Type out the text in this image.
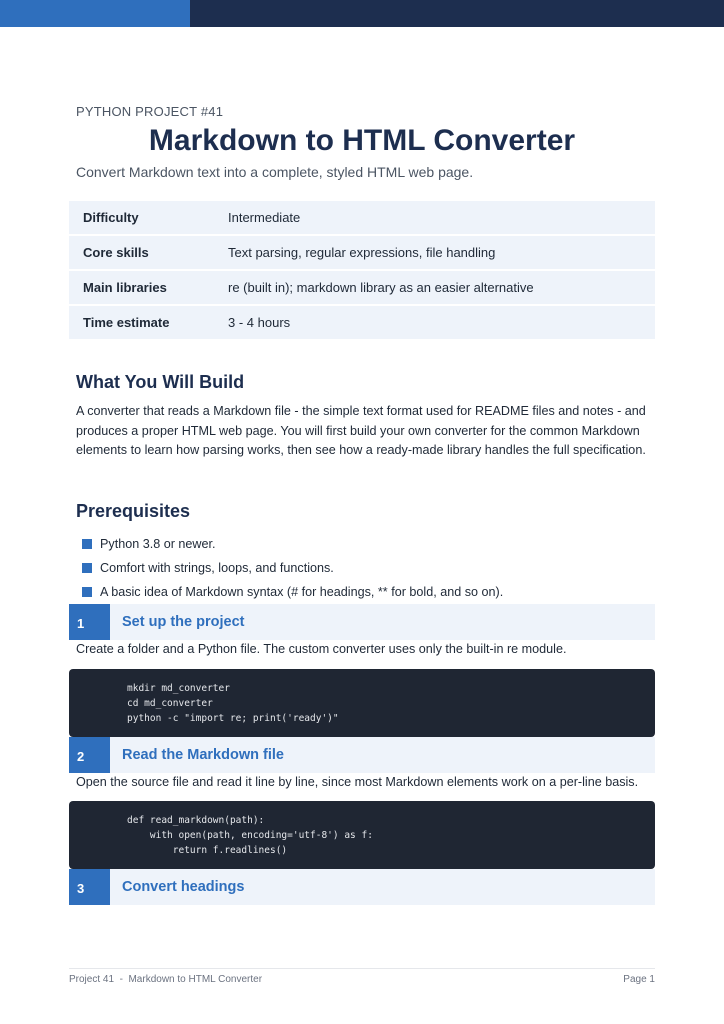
PYTHON PROJECT #41
Markdown to HTML Converter
Convert Markdown text into a complete, styled HTML web page.
Difficulty	Intermediate
Core skills	Text parsing, regular expressions, file handling
Main libraries	re (built in); markdown library as an easier alternative
Time estimate	3 - 4 hours
What You Will Build

A converter that reads a Markdown file - the simple text format used for README files and notes - and produces a proper HTML web page. You will first build your own converter for the common Markdown elements to learn how parsing works, then see how a ready-made library handles the full specification.

Prerequisites
Python 3.8 or newer.
Comfort with strings, loops, and functions.
A basic idea of Markdown syntax (# for headings, ** for bold, and so on).
1	Set up the project
Create a folder and a Python file. The custom converter uses only the built-in re module.
mkdir md_converter
cd md_converter
python -c "import re; print('ready')"
2	Read the Markdown file
Open the source file and read it line by line, since most Markdown elements work on a per-line basis.
def read_markdown(path):
with open(path, encoding='utf-8') as f:
return f.readlines()
3	Convert headings
Project 41  -  Markdown to HTML Converter	Page 1
